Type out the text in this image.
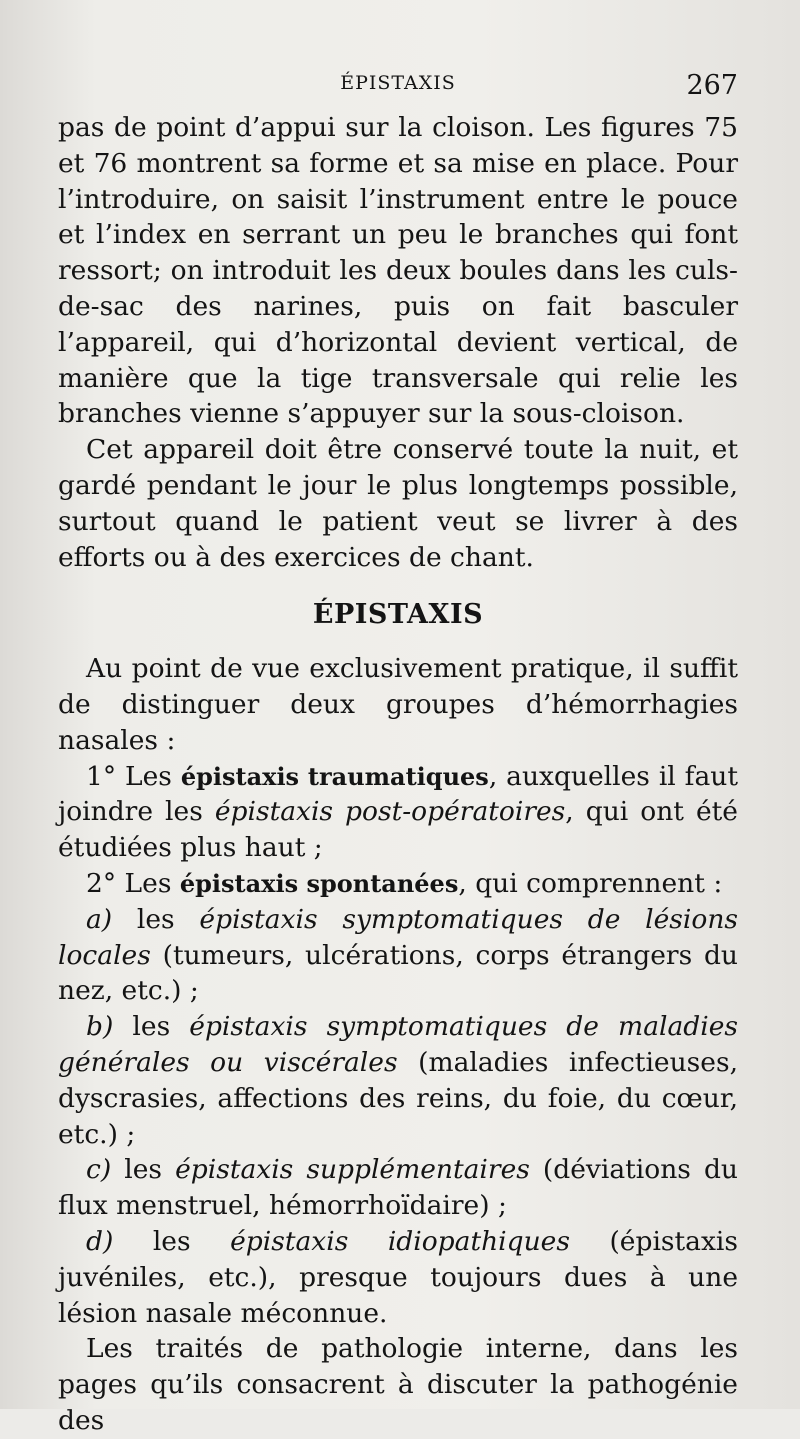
ÉPISTAXIS	267

pas de point d’appui sur la cloison. Les figures 75 et 76 montrent sa forme et sa mise en place. Pour l’introduire, on saisit l’instrument entre le pouce et l’index en serrant un peu le branches qui font ressort; on introduit les deux boules dans les culs-de-sac des narines, puis on fait basculer l’appareil, qui d’horizontal devient vertical, de manière que la tige transversale qui relie les branches vienne s’appuyer sur la sous-cloison.

Cet appareil doit être conservé toute la nuit, et gardé pendant le jour le plus longtemps possible, surtout quand le patient veut se livrer à des efforts ou à des exercices de chant.

ÉPISTAXIS

Au point de vue exclusivement pratique, il suffit de distinguer deux groupes d’hémorrhagies nasales :

1° Les épistaxis traumatiques, auxquelles il faut joindre les épistaxis post-opératoires, qui ont été étudiées plus haut ;

2° Les épistaxis spontanées, qui comprennent :

a) les épistaxis symptomatiques de lésions locales (tumeurs, ulcérations, corps étrangers du nez, etc.) ;

b) les épistaxis symptomatiques de maladies générales ou viscérales (maladies infectieuses, dyscrasies, affections des reins, du foie, du cœur, etc.) ;

c) les épistaxis supplémentaires (déviations du flux menstruel, hémorrhoïdaire) ;

d) les épistaxis idiopathiques (épistaxis juvéniles, etc.), presque toujours dues à une lésion nasale méconnue.

Les traités de pathologie interne, dans les pages qu’ils consacrent à discuter la pathogénie des
